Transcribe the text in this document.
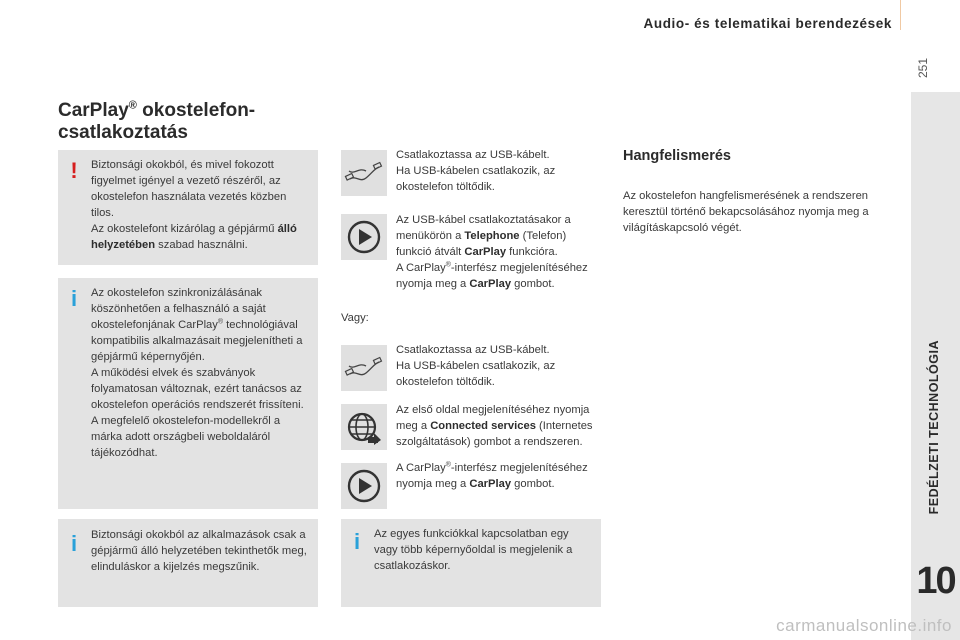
Audio- és telematikai berendezések
251
FEDÉLZETI TECHNOLÓGIA
10
CarPlay® okostelefon-
csatlakoztatás
! Biztonsági okokból, és mivel fokozott figyelmet igényel a vezető részéről, az okostelefon használata vezetés közben tilos.
Az okostelefont kizárólag a gépjármű álló helyzetében szabad használni.
i	Az okostelefon szinkronizálásának köszönhetően a felhasználó a saját okostelefonjának CarPlay® technológiával kompatibilis alkalmazásait megjelenítheti a gépjármű képernyőjén.
A működési elvek és szabványok folyamatosan változnak, ezért tanácsos az okostelefon operációs rendszerét frissíteni.
A megfelelő okostelefon-modellekről a márka adott országbeli weboldaláról tájékozódhat.
i	Biztonsági okokból az alkalmazások csak a gépjármű álló helyzetében tekinthetők meg, elinduláskor a kijelzés megszűnik.
Csatlakoztassa az USB-kábelt.
Ha USB-kábelen csatlakozik, az okostelefon töltődik.
Az USB-kábel csatlakoztatásakor a menükörön a Telephone (Telefon) funkció átvált CarPlay funkcióra.
A CarPlay®-interfész megjelenítéséhez nyomja meg a CarPlay gombot.
Vagy:
Csatlakoztassa az USB-kábelt.
Ha USB-kábelen csatlakozik, az okostelefon töltődik.
Az első oldal megjelenítéséhez nyomja meg a Connected services (Internetes szolgáltatások) gombot a rendszeren.
A CarPlay®-interfész megjelenítéséhez nyomja meg a CarPlay gombot.
i	Az egyes funkciókkal kapcsolatban egy vagy több képernyőoldal is megjelenik a csatlakozáskor.
Hangfelismerés
Az okostelefon hangfelismerésének a rendszeren keresztül történő bekapcsolásához nyomja meg a világításkapcsoló végét.
carmanualsonline.info
